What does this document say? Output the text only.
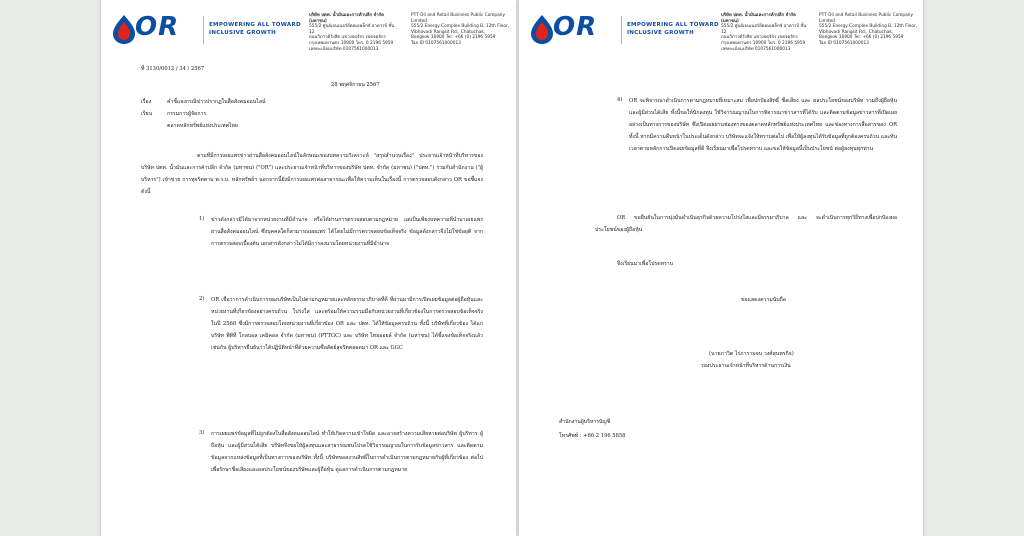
OR	EMPOWERING ALL TOWARD
INCLUSIVE GROWTH
บริษัท ปตท. น้ำมันและการค้าปลีก จำกัด (มหาชน)
555/2 ศูนย์เอนเนอร์ยี่คอมเพล็กซ์ อาคารบี ชั้น 12
ถนนวิภาวดีรังสิต แขวงจตุจักร เขตจตุจักร
กรุงเทพมหานคร 10900 โทร. 0 2196 5959
เลขทะเบียนบริษัท 0107561000013
PTT Oil and Retail Business Public Company Limited
555/2 Energy Complex Building B, 12th Floor,
Vibhavadi Rangsit Rd., Chatuchak,
Bangkok 10900 Tel. +66 (0) 2196 5959
Tax ID 0107561000013
ที่ 3130/0012 / 34 / 2567
28 พฤศจิกายน 2567
เรื่อง	คำชี้แจงกรณีข่าวปรากฏในสื่อสังคมออนไลน์
เรียน	กรรมการผู้จัดการ
ตลาดหลักทรัพย์แห่งประเทศไทย
ตามที่มีการเผยแพร่ข่าวผ่านสื่อสังคมออนไลน์ในลักษณะของบทความวิเคราะห์ "สรุปสำนวนเรื่อง" ประธานเจ้าหน้าที่บริหารของบริษัท ปตท. น้ำมันและการค้าปลีก จำกัด (มหาชน) ("OR") และประธานเจ้าหน้าที่บริหารของบริษัท ปตท. จำกัด (มหาชน) ("ปตท.") ร่วมกับสำนักงาน ("ผู้บริหาร") เข้าข่าย การทุจริตตาม พ.ร.บ. หลักทรัพย์ฯ นอกจากนี้ยังมีการเผยแพร่ต่อสาธารณะเพื่อให้ความเห็นในเรื่องนี้ การตรวจสอบดังกล่าว OR ขอชี้แจงดังนี้
1) ข่าวดังกล่าวมิได้มาจากหน่วยงานที่มีอำนาจ หรือได้ผ่านการตรวจสอบตามกฎหมาย แต่เป็นเพียงบทความที่นำมาเผยแพร่ผ่านสื่อสังคมออนไลน์ ซึ่งบุคคลใดก็สามารถเผยแพร่ ได้โดยไม่มีการตรวจสอบข้อเท็จจริง ข้อมูลดังกล่าวจึงไม่ใช่ข้อยุติ จากการตรวจสอบเบื้องต้น เอกสารดังกล่าวไม่ได้มีการลงนามโดยหน่วยงานที่มีอำนาจ
2) OR เชื่อว่าการดำเนินการของบริษัทเป็นไปตามกฎหมายและหลักธรรมาภิบาลที่ดี ที่ผ่านมามีการเปิดเผยข้อมูลต่อผู้ถือหุ้นและหน่วยงานที่เกี่ยวข้องอย่างครบถ้วน โปร่งใส และพร้อมให้ความร่วมมือกับหน่วยงานที่เกี่ยวข้องในการตรวจสอบข้อเท็จจริง ในปี 2566 ซึ่งมีการตรวจสอบโดยหน่วยงานที่เกี่ยวข้อง OR และ ปตท. ได้ให้ข้อมูลครบถ้วน ทั้งนี้ บริษัทที่เกี่ยวข้อง ได้แก่ บริษัท พีทีที โกลบอล เคมิคอล จำกัด (มหาชน) (PTTGC) และ บริษัท ไทยออยล์ จำกัด (มหาชน) ได้ชี้แจงข้อเท็จจริงแล้วเช่นกัน ผู้บริหารยืนยันว่าได้ปฏิบัติหน้าที่ด้วยความซื่อสัตย์สุจริตตลอดมา OR และ GGC
3) การเผยแพร่ข้อมูลที่ไม่ถูกต้องในสื่อสังคมออนไลน์ ทำให้เกิดความเข้าใจผิด และอาจสร้างความเสียหายต่อบริษัท ผู้บริหาร ผู้ถือหุ้น และผู้มีส่วนได้เสีย บริษัทจึงขอให้ผู้ลงทุนและสาธารณชนโปรดใช้วิจารณญาณในการรับข้อมูลข่าวสาร และติดตามข้อมูลจากแหล่งข้อมูลที่เป็นทางการของบริษัท ทั้งนี้ บริษัทขอสงวนสิทธิ์ในการดำเนินการตามกฎหมายกับผู้ที่เกี่ยวข้อง ต่อไป เพื่อรักษาชื่อเสียงและผลประโยชน์ของบริษัทและผู้ถือหุ้น ดูแลการดำเนินการตามกฎหมาย
OR	EMPOWERING ALL TOWARD
INCLUSIVE GROWTH
บริษัท ปตท. น้ำมันและการค้าปลีก จำกัด (มหาชน)
555/2 ศูนย์เอนเนอร์ยี่คอมเพล็กซ์ อาคารบี ชั้น 12
ถนนวิภาวดีรังสิต แขวงจตุจักร เขตจตุจักร
กรุงเทพมหานคร 10900 โทร. 0 2196 5959
เลขทะเบียนบริษัท 0107561000013
PTT Oil and Retail Business Public Company Limited
555/2 Energy Complex Building B, 12th Floor,
Vibhavadi Rangsit Rd., Chatuchak,
Bangkok 10900 Tel. +66 (0) 2196 5959
Tax ID 0107561000013
4) OR จะพิจารณาดำเนินการตามกฎหมายที่เหมาะสม เพื่อปกป้องสิทธิ์ ชื่อเสียง และ ผลประโยชน์ของบริษัท รวมถึงผู้ถือหุ้นและผู้มีส่วนได้เสีย ทั้งนี้ขอให้นักลงทุน ใช้วิจารณญาณในการพิจารณาข่าวสารที่ได้รับ และติดตามข้อมูลข่าวสารที่เปิดเผย อย่างเป็นทางการของบริษัท ซึ่งเปิดเผยผ่านช่องทางของตลาดหลักทรัพย์แห่งประเทศไทย และช่องทางการสื่อสารของ OR ทั้งนี้ หากมีความคืบหน้าในประเด็นดังกล่าว บริษัทจะแจ้งให้ทราบต่อไป เพื่อให้ผู้ลงทุนได้รับข้อมูลที่ถูกต้องครบถ้วน และทันเวลาตามหลักการเปิดเผยข้อมูลที่ดี จึงเรียนมาเพื่อโปรดทราบ และขอให้ข้อมูลนี้เป็นประโยชน์ ต่อผู้ลงทุนทุกท่าน
OR ขอยืนยันในการมุ่งมั่นดำเนินธุรกิจด้วยความโปร่งใสและมีธรรมาภิบาล และ จะดำเนินการทุกวิถีทางเพื่อปกป้องผลประโยชน์ของผู้ถือหุ้น
จึงเรียนมาเพื่อโปรดทราบ
ขอแสดงความนับถือ
(นายภาวิต ไร่ภารามจน วงศ์สุนทรกิจ)
รองประธานเจ้าหน้าที่บริหารด้านการเงิน
สำนักงานผู้บริหารบัญชี
โทรศัพท์ : +66 2 196 5858
